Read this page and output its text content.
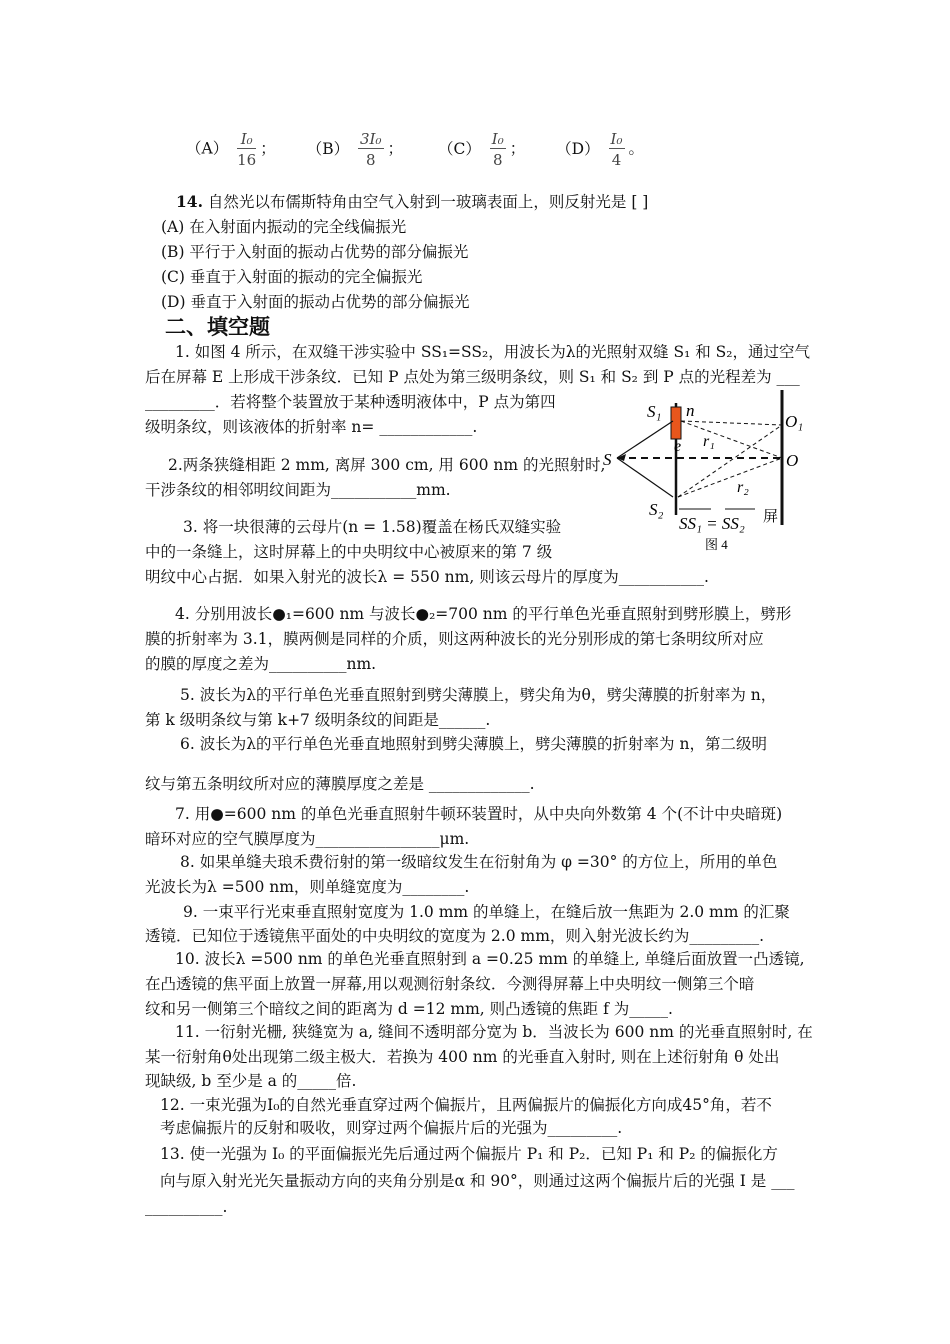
$(A) \frac{\text{I₀}}{16}$ ； $(B) \frac{\text{3I₀}}{8}$ ； $(C) \frac{\text{I₀}}{8}$ ； $(D) \frac{\text{I₀}}{4}$ 。
14. 自然光以布儒斯特角由空气入射到一玻璃表面上，则反射光是 [ ]
(A) 在入射面内振动的完全线偏振光
(B) 平行于入射面的振动占优势的部分偏振光
(C) 垂直于入射面的振动的完全偏振光
(D) 垂直于入射面的振动占优势的部分偏振光
二、填空题
1. 如图 4 所示，在双缝干涉实验中 SS₁=SS₂，用波长为λ的光照射双缝 S₁ 和 S₂，通过空气
后在屏幕 E 上形成干涉条纹．已知 P 点处为第三级明条纹，则 S₁ 和 S₂ 到 P 点的光程差为 ___
_________．若将整个装置放于某种透明液体中，P 点为第四
级明条纹，则该液体的折射率 n= ____________.
2.两条狭缝相距 2 mm, 离屏 300 cm, 用 600 nm 的光照射时,
干涉条纹的相邻明纹间距为___________mm.
3. 将一块很薄的云母片(n = 1.58)覆盖在杨氏双缝实验
中的一条缝上，这时屏幕上的中央明纹中心被原来的第 7 级
明纹中心占据．如果入射光的波长λ = 550 nm, 则该云母片的厚度为___________.
4. 分别用波长●₁=600 nm 与波长●₂=700 nm 的平行单色光垂直照射到劈形膜上，劈形
膜的折射率为 3.1，膜两侧是同样的介质，则这两种波长的光分别形成的第七条明纹所对应
的膜的厚度之差为__________nm.
5. 波长为λ的平行单色光垂直照射到劈尖薄膜上，劈尖角为θ，劈尖薄膜的折射率为 n，
第 k 级明条纹与第 k+7 级明条纹的间距是______.
6. 波长为λ的平行单色光垂直地照射到劈尖薄膜上，劈尖薄膜的折射率为 n，第二级明
纹与第五条明纹所对应的薄膜厚度之差是 _____________.
7. 用●=600 nm 的单色光垂直照射牛顿环装置时，从中央向外数第 4 个(不计中央暗斑)
暗环对应的空气膜厚度为________________μm.
8. 如果单缝夫琅禾费衍射的第一级暗纹发生在衍射角为 φ =30° 的方位上，所用的单色
光波长为λ =500 nm，则单缝宽度为________.
9. 一束平行光束垂直照射宽度为 1.0 mm 的单缝上，在缝后放一焦距为 2.0 mm 的汇聚
透镜．已知位于透镜焦平面处的中央明纹的宽度为 2.0 mm，则入射光波长约为_________.
10. 波长λ =500 nm 的单色光垂直照射到 a =0.25 mm 的单缝上, 单缝后面放置一凸透镜,
在凸透镜的焦平面上放置一屏幕,用以观测衍射条纹．今测得屏幕上中央明纹一侧第三个暗
纹和另一侧第三个暗纹之间的距离为 d =12 mm, 则凸透镜的焦距 f 为_____.
11. 一衍射光栅, 狭缝宽为 a, 缝间不透明部分宽为 b．当波长为 600 nm 的光垂直照射时, 在
某一衍射角θ处出现第二级主极大．若换为 400 nm 的光垂直入射时, 则在上述衍射角 θ 处出
现缺级, b 至少是 a 的_____倍.
12. 一束光强为I₀的自然光垂直穿过两个偏振片，且两偏振片的偏振化方向成45°角，若不
考虑偏振片的反射和吸收，则穿过两个偏振片后的光强为_________.
13. 使一光强为 I₀ 的平面偏振光先后通过两个偏振片 P₁ 和 P₂．已知 P₁ 和 P₂ 的偏振化方
向与原入射光光矢量振动方向的夹角分别是α 和 90°，则通过这两个偏振片后的光强 I 是 ___
__________.
S₁ n
e r₁
S
S₂
r₂
O₁
O
SS₁ = SS₂ 屏
图 4
